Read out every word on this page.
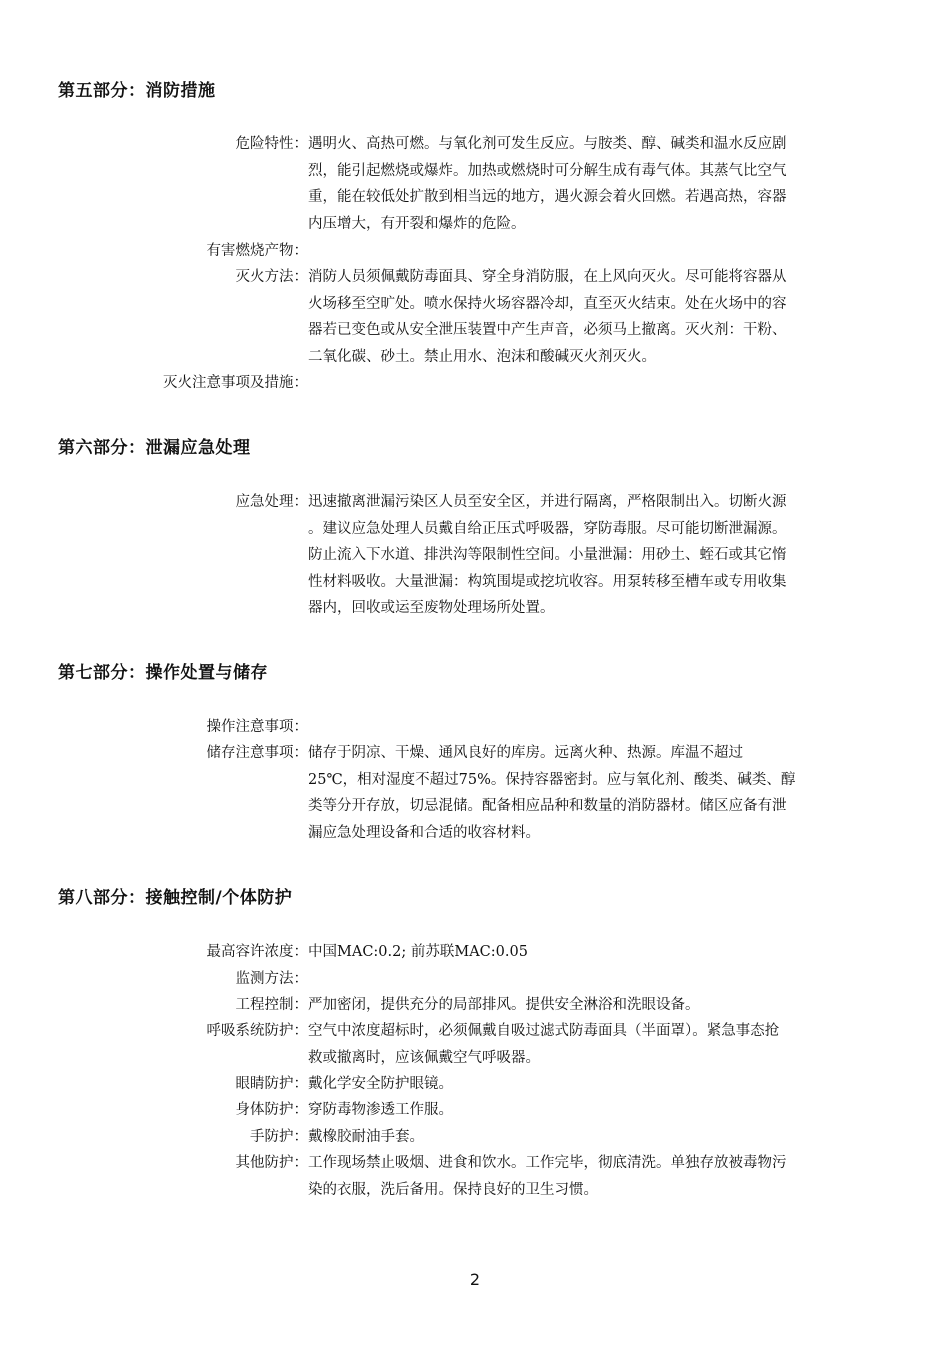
第五部分：消防措施
危险特性： 遇明火、高热可燃。与氧化剂可发生反应。与胺类、醇、碱类和温水反应剧
烈，能引起燃烧或爆炸。加热或燃烧时可分解生成有毒气体。其蒸气比空气
重，能在较低处扩散到相当远的地方，遇火源会着火回燃。若遇高热，容器
内压增大，有开裂和爆炸的危险。
有害燃烧产物：
灭火方法： 消防人员须佩戴防毒面具、穿全身消防服，在上风向灭火。尽可能将容器从
火场移至空旷处。喷水保持火场容器冷却，直至灭火结束。处在火场中的容
器若已变色或从安全泄压装置中产生声音，必须马上撤离。灭火剂：干粉、
二氧化碳、砂土。禁止用水、泡沫和酸碱灭火剂灭火。
灭火注意事项及措施：
第六部分：泄漏应急处理
应急处理： 迅速撤离泄漏污染区人员至安全区，并进行隔离，严格限制出入。切断火源
。建议应急处理人员戴自给正压式呼吸器，穿防毒服。尽可能切断泄漏源。
防止流入下水道、排洪沟等限制性空间。小量泄漏：用砂土、蛭石或其它惰
性材料吸收。大量泄漏：构筑围堤或挖坑收容。用泵转移至槽车或专用收集
器内，回收或运至废物处理场所处置。
第七部分：操作处置与储存
操作注意事项：
储存注意事项： 储存于阴凉、干燥、通风良好的库房。远离火种、热源。库温不超过
25℃，相对湿度不超过75%。保持容器密封。应与氧化剂、酸类、碱类、醇
类等分开存放，切忌混储。配备相应品种和数量的消防器材。储区应备有泄
漏应急处理设备和合适的收容材料。
第八部分：接触控制/个体防护
最高容许浓度： 中国MAC:0.2; 前苏联MAC:0.05
监测方法：
工程控制： 严加密闭，提供充分的局部排风。提供安全淋浴和洗眼设备。
呼吸系统防护： 空气中浓度超标时，必须佩戴自吸过滤式防毒面具（半面罩）。紧急事态抢
救或撤离时，应该佩戴空气呼吸器。
眼睛防护： 戴化学安全防护眼镜。
身体防护： 穿防毒物渗透工作服。
手防护： 戴橡胶耐油手套。
其他防护： 工作现场禁止吸烟、进食和饮水。工作完毕，彻底清洗。单独存放被毒物污
染的衣服，洗后备用。保持良好的卫生习惯。
2
